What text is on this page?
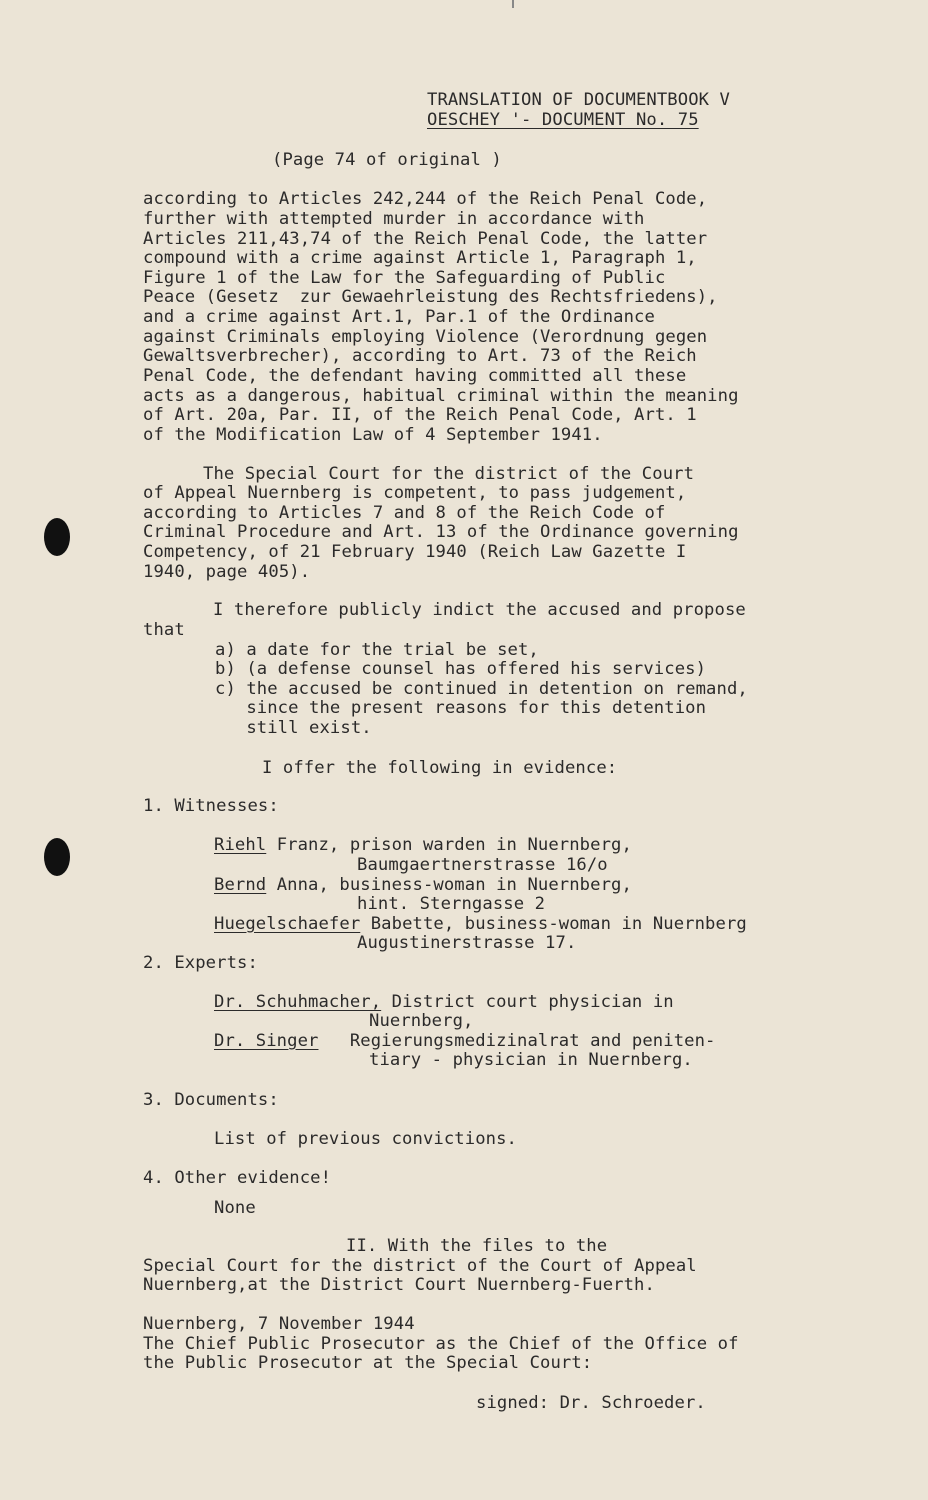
TRANSLATION OF DOCUMENTBOOK V
OESCHEY '- DOCUMENT No. 75
(Page 74 of original )
according to Articles 242,244 of the Reich Penal Code,
further with attempted murder in accordance with
Articles 211,43,74 of the Reich Penal Code, the latter
compound with a crime against Article 1, Paragraph 1,
Figure 1 of the Law for the Safeguarding of Public
Peace (Gesetz  zur Gewaehrleistung des Rechtsfriedens),
and a crime against Art.1, Par.1 of the Ordinance
against Criminals employing Violence (Verordnung gegen
Gewaltsverbrecher), according to Art. 73 of the Reich
Penal Code, the defendant having committed all these
acts as a dangerous, habitual criminal within the meaning
of Art. 20a, Par. II, of the Reich Penal Code, Art. 1
of the Modification Law of 4 September 1941.
The Special Court for the district of the Court
of Appeal Nuernberg is competent, to pass judgement,
according to Articles 7 and 8 of the Reich Code of
Criminal Procedure and Art. 13 of the Ordinance governing
Competency, of 21 February 1940 (Reich Law Gazette I
1940, page 405).
I therefore publicly indict the accused and propose
that
a) a date for the trial be set,
b) (a defense counsel has offered his services)
c) the accused be continued in detention on remand,
since the present reasons for this detention
still exist.
I offer the following in evidence:
1. Witnesses:
Riehl Franz, prison warden in Nuernberg,
Baumgaertnerstrasse 16/o
Bernd Anna, business-woman in Nuernberg,
hint. Sterngasse 2
Huegelschaefer Babette, business-woman in Nuernberg
Augustinerstrasse 17.
2. Experts:
Dr. Schuhmacher, District court physician in
Nuernberg,
Dr. Singer   Regierungsmedizinalrat and peniten-
tiary - physician in Nuernberg.
3. Documents:
List of previous convictions.
4. Other evidence!
None
II. With the files to the
Special Court for the district of the Court of Appeal
Nuernberg,at the District Court Nuernberg-Fuerth.
Nuernberg, 7 November 1944
The Chief Public Prosecutor as the Chief of the Office of
the Public Prosecutor at the Special Court:
signed: Dr. Schroeder.
